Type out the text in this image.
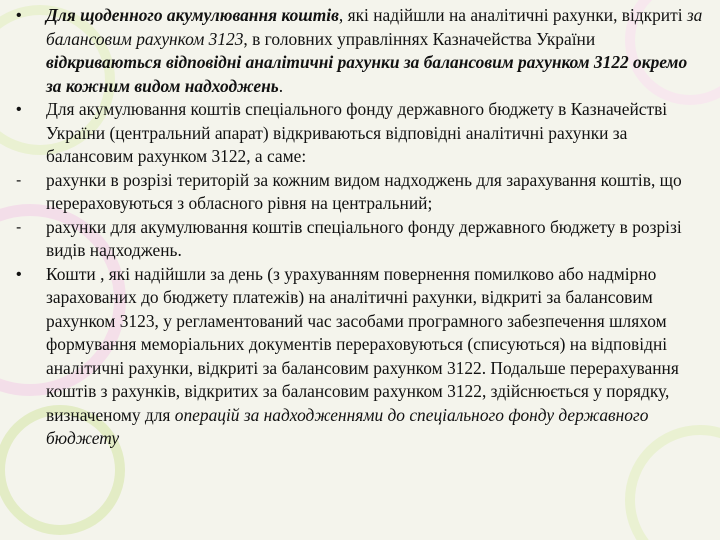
•	Для щоденного акумулювання коштів, які надійшли на аналітичні рахунки, відкриті за балансовим рахунком 3123, в головних управліннях Казначейства України відкриваються відповідні аналітичні рахунки за балансовим рахунком 3122 окремо за кожним видом надходжень.
•	Для акумулювання коштів спеціального фонду державного бюджету в Казначействі України (центральний апарат) відкриваються відповідні аналітичні рахунки за балансовим рахунком 3122, а саме:
-	рахунки в розрізі територій за кожним видом надходжень для зарахування коштів, що перераховуються з обласного рівня на центральний;
-	рахунки для акумулювання коштів спеціального фонду державного бюджету в розрізі видів надходжень.
•	Кошти , які надійшли за день (з урахуванням повернення помилково або надмірно зарахованих до бюджету платежів) на аналітичні рахунки, відкриті за балансовим рахунком 3123, у регламентований час засобами програмного забезпечення шляхом формування меморіальних документів перераховуються (списуються) на відповідні аналітичні рахунки, відкриті за балансовим рахунком 3122. Подальше перерахування коштів з рахунків, відкритих за балансовим рахунком 3122, здійснюється у порядку, визначеному для операцій за надходженнями до спеціального фонду державного бюджету
